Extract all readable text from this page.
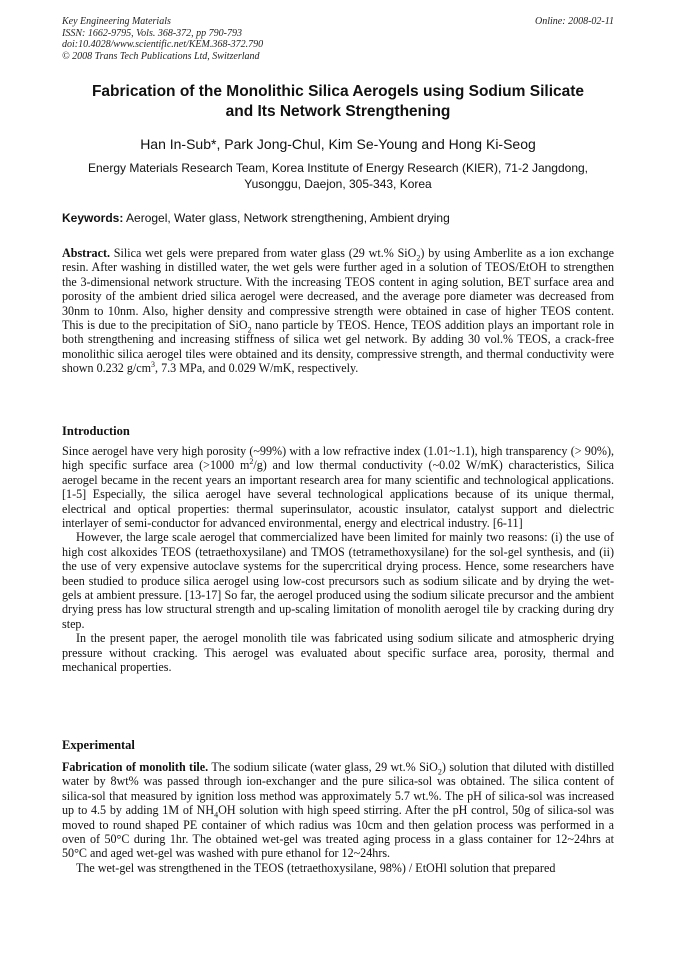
Key Engineering Materials
ISSN: 1662-9795, Vols. 368-372, pp 790-793
doi:10.4028/www.scientific.net/KEM.368-372.790
© 2008 Trans Tech Publications Ltd, Switzerland
Online: 2008-02-11
Fabrication of the Monolithic Silica Aerogels using Sodium Silicate
and Its Network Strengthening
Han In-Sub*, Park Jong-Chul, Kim Se-Young and Hong Ki-Seog
Energy Materials Research Team, Korea Institute of Energy Research (KIER), 71-2 Jangdong,
Yusonggu, Daejon, 305-343, Korea
Keywords: Aerogel, Water glass, Network strengthening, Ambient drying

Abstract. Silica wet gels were prepared from water glass (29 wt.% SiO$_2$) by using Amberlite as a ion exchange resin. After washing in distilled water, the wet gels were further aged in a solution of TEOS/EtOH to strengthen the 3-dimensional network structure. With the increasing TEOS content in aging solution, BET surface area and porosity of the ambient dried silica aerogel were decreased, and the average pore diameter was decreased from 30nm to 10nm. Also, higher density and compressive strength were obtained in case of higher TEOS content. This is due to the precipitation of SiO$_2$ nano particle by TEOS. Hence, TEOS addition plays an important role in both strengthening and increasing stiffness of silica wet gel network. By adding 30 vol.% TEOS, a crack-free monolithic silica aerogel tiles were obtained and its density, compressive strength, and thermal conductivity were shown 0.232 $g/cm^3$, 7.3 MPa, and 0.029 W/mK, respectively.

Introduction

Since aerogel have very high porosity (~99%) with a low refractive index (1.01~1.1), high transparency (> 90%), high specific surface area (>1000 $m^2/g$) and low thermal conductivity (~0.02 W/mK) characteristics, Silica aerogel became in the recent years an important research area for many scientific and technological applications. [1-5] Especially, the silica aerogel have several technological applications because of its unique thermal, electrical and optical properties: thermal superinsulator, acoustic insulator, catalyst support and dielectric interlayer of semi-conductor for advanced environmental, energy and electrical industry. [6-11]

However, the large scale aerogel that commercialized have been limited for mainly two reasons: (i) the use of high cost alkoxides TEOS (tetraethoxysilane) and TMOS (tetramethoxysilane) for the sol-gel synthesis, and (ii) the use of very expensive autoclave systems for the supercritical drying process. Hence, some researchers have been studied to produce silica aerogel using low-cost precursors such as sodium silicate and by drying the wet-gels at ambient pressure. [13-17] So far, the aerogel produced using the sodium silicate precursor and the ambient drying press has low structural strength and up-scaling limitation of monolith aerogel tile by cracking during dry step.

In the present paper, the aerogel monolith tile was fabricated using sodium silicate and atmospheric drying pressure without cracking. This aerogel was evaluated about specific surface area, porosity, thermal and mechanical properties.

Experimental

Fabrication of monolith tile. The sodium silicate (water glass, 29 wt.% SiO$_2$) solution that diluted with distilled water by 8wt% was passed through ion-exchanger and the pure silica-sol was obtained. The silica content of silica-sol that measured by ignition loss method was approximately 5.7 wt.%. The pH of silica-sol was increased up to 4.5 by adding 1M of $NH_4OH$ solution with high speed stirring. After the pH control, 50g of silica-sol was moved to round shaped PE container of which radius was 10cm and then gelation process was performed in a oven of 50°C during 1hr. The obtained wet-gel was treated aging process in a glass container for 12~24hrs at 50°C and aged wet-gel was washed with pure ethanol for 12~24hrs.

The wet-gel was strengthened in the TEOS (tetraethoxysilane, 98%) / EtOHl solution that prepared
